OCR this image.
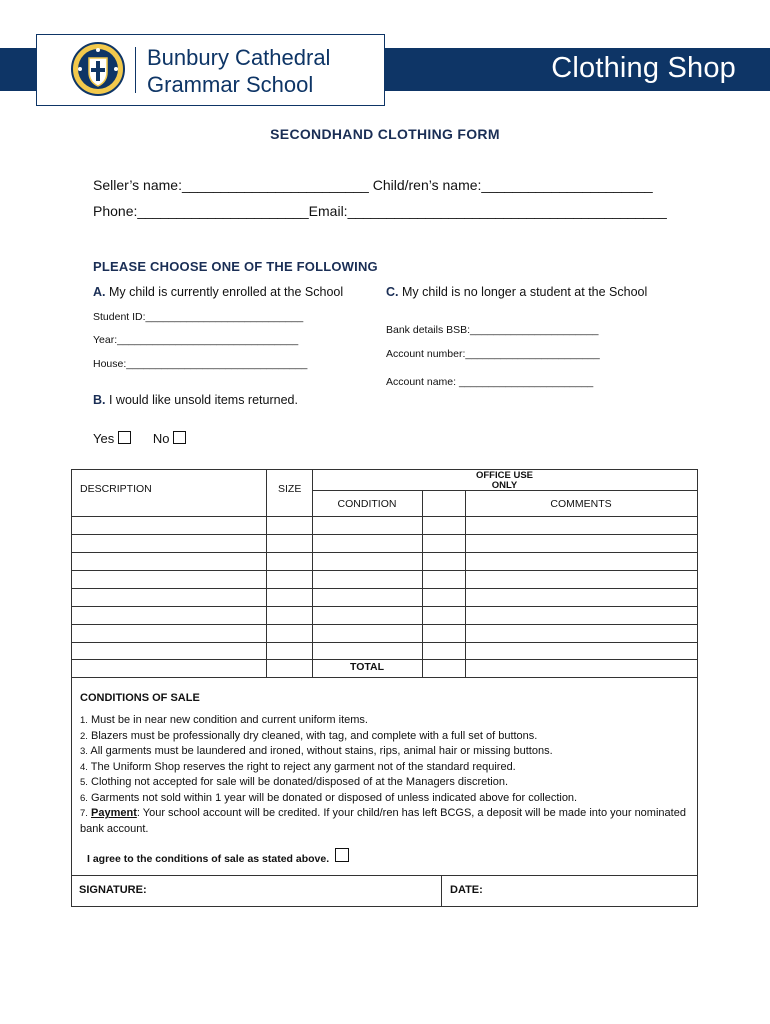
Clothing Shop
Bunbury Cathedral
Grammar School
SECONDHAND CLOTHING FORM
Seller’s name:________________________ Child/ren’s name:______________________
Phone:______________________Email:_________________________________________
PLEASE CHOOSE ONE OF THE FOLLOWING
A. My child is currently enrolled at the School	C. My child is no longer a student at the School
Student ID:___________________________
Year:_______________________________
House:_______________________________
Bank details BSB:______________________
Account number:_______________________
Account name: _______________________
B. I would like unsold items returned.
Yes	No
DESCRIPTION	SIZE
OFFICE USE
ONLY
CONDITION	COMMENTS
TOTAL
CONDITIONS OF SALE
1. Must be in near new condition and current uniform items.
2. Blazers must be professionally dry cleaned, with tag, and complete with a full set of buttons.
3. All garments must be laundered and ironed, without stains, rips, animal hair or missing buttons.
4. The Uniform Shop reserves the right to reject any garment not of the standard required.
5. Clothing not accepted for sale will be donated/disposed of at the Managers discretion.
6. Garments not sold within 1 year will be donated or disposed of unless indicated above for collection.
7. Payment: Your school account will be credited. If your child/ren has left BCGS, a deposit will be made into your nominated bank account.
I agree to the conditions of sale as stated above.
SIGNATURE:	DATE:
